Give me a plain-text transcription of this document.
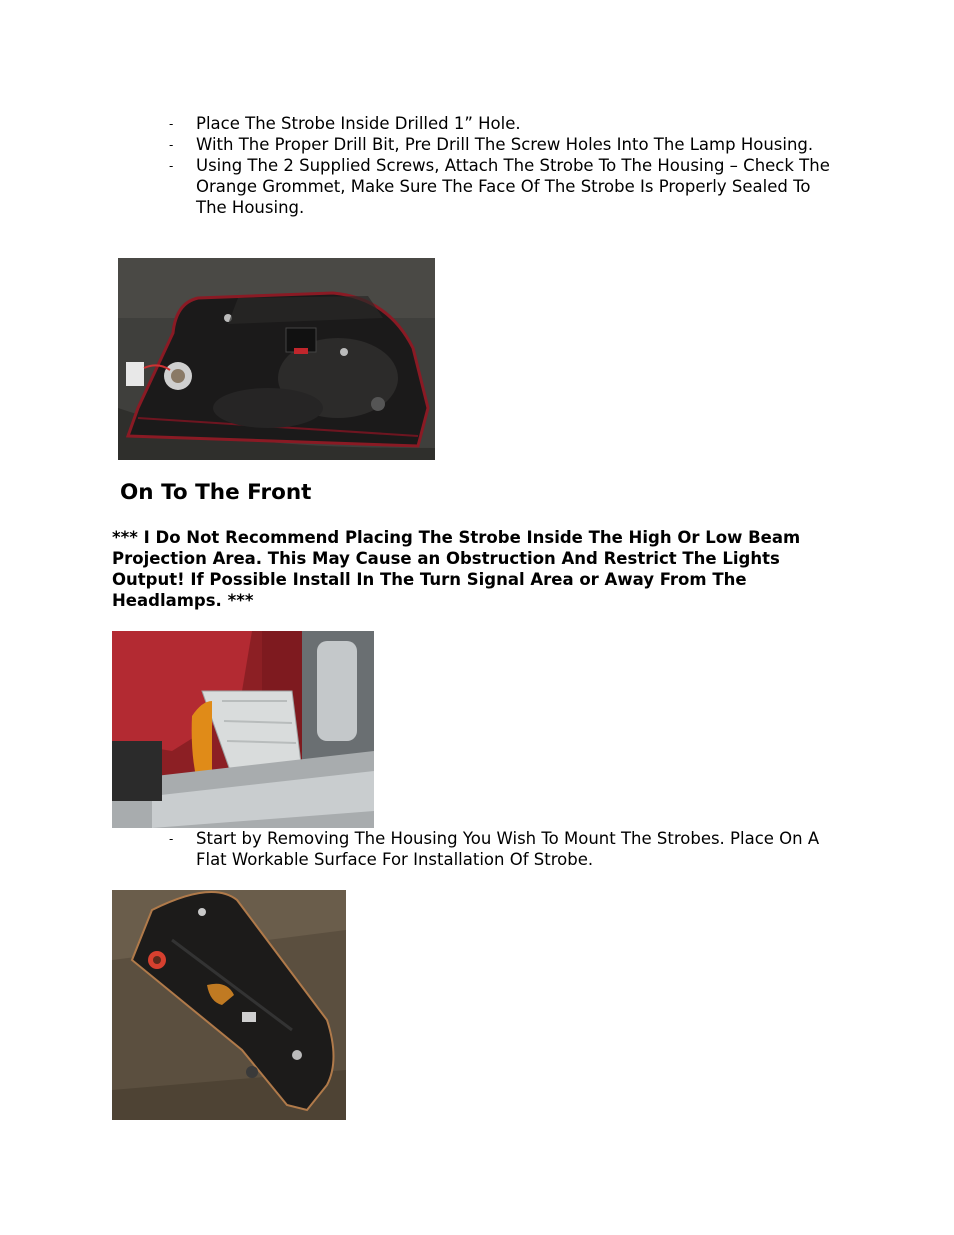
- Place The Strobe Inside Drilled 1” Hole.
- With The Proper Drill Bit, Pre Drill The Screw Holes Into The Lamp Housing.
- Using The 2 Supplied Screws, Attach The Strobe To The Housing – Check The Orange Grommet, Make Sure The Face Of The Strobe Is Properly Sealed To The Housing.
On To The Front

*** I Do Not Recommend Placing The Strobe Inside The High Or Low Beam Projection Area. This May Cause an Obstruction And Restrict The Lights Output! If Possible Install In The Turn Signal Area or Away From The Headlamps. ***

- Start by Removing The Housing You Wish To Mount The Strobes. Place On A Flat Workable Surface For Installation Of Strobe.
